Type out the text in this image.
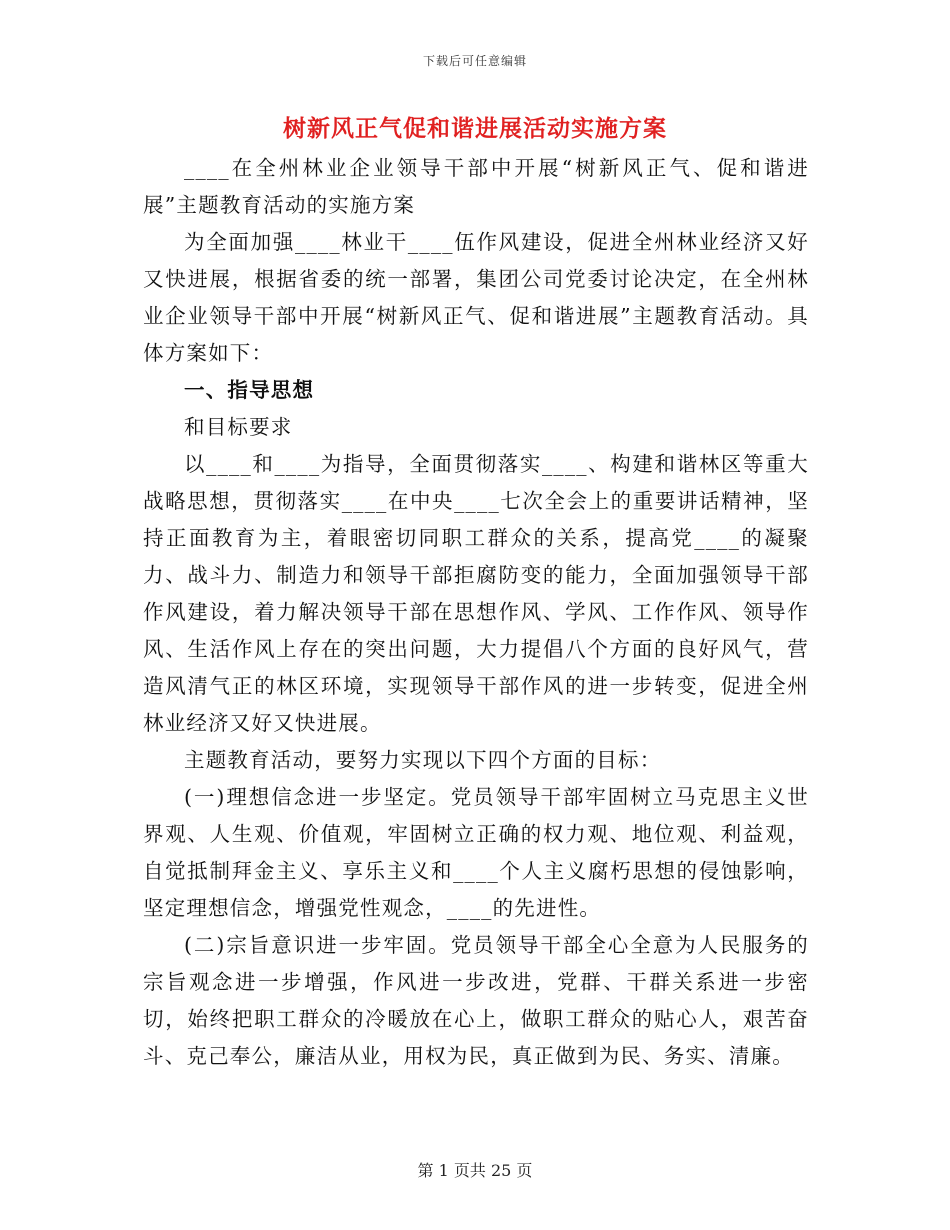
下载后可任意编辑
树新风正气促和谐进展活动实施方案

____在全州林业企业领导干部中开展“树新风正气、促和谐进展”主题教育活动的实施方案

为全面加强____林业干____伍作风建设，促进全州林业经济又好又快进展，根据省委的统一部署，集团公司党委讨论决定，在全州林业企业领导干部中开展“树新风正气、促和谐进展”主题教育活动。具体方案如下：

一、指导思想

和目标要求

以____和____为指导，全面贯彻落实____、构建和谐林区等重大战略思想，贯彻落实____在中央____七次全会上的重要讲话精神，坚持正面教育为主，着眼密切同职工群众的关系，提高党____的凝聚力、战斗力、制造力和领导干部拒腐防变的能力，全面加强领导干部作风建设，着力解决领导干部在思想作风、学风、工作作风、领导作风、生活作风上存在的突出问题，大力提倡八个方面的良好风气，营造风清气正的林区环境，实现领导干部作风的进一步转变，促进全州林业经济又好又快进展。

主题教育活动，要努力实现以下四个方面的目标：

(一)理想信念进一步坚定。党员领导干部牢固树立马克思主义世界观、人生观、价值观，牢固树立正确的权力观、地位观、利益观，自觉抵制拜金主义、享乐主义和____个人主义腐朽思想的侵蚀影响，坚定理想信念，增强党性观念，____的先进性。

(二)宗旨意识进一步牢固。党员领导干部全心全意为人民服务的宗旨观念进一步增强，作风进一步改进，党群、干群关系进一步密切，始终把职工群众的冷暖放在心上，做职工群众的贴心人，艰苦奋斗、克己奉公，廉洁从业，用权为民，真正做到为民、务实、清廉。

第 1 页共 25 页
